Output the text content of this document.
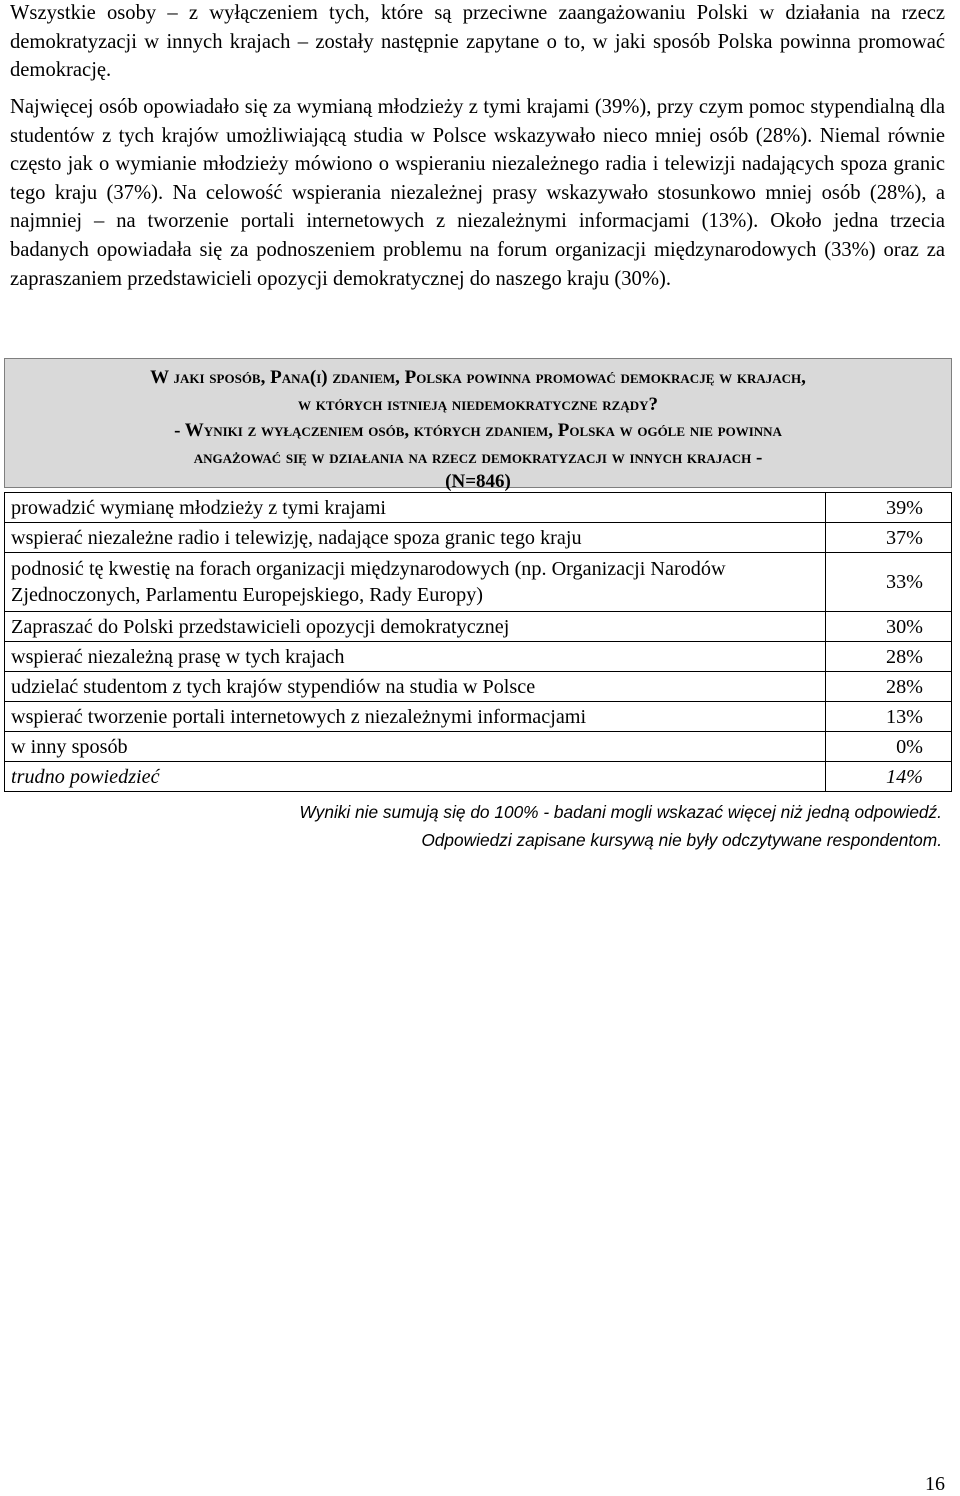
Wszystkie osoby – z wyłączeniem tych, które są przeciwne zaangażowaniu Polski w działania na rzecz demokratyzacji w innych krajach – zostały następnie zapytane o to, w jaki sposób Polska powinna promować demokrację.

Najwięcej osób opowiadało się za wymianą młodzieży z tymi krajami (39%), przy czym pomoc stypendialną dla studentów z tych krajów umożliwiającą studia w Polsce wskazywało nieco mniej osób (28%). Niemal równie często jak o wymianie młodzieży mówiono o wspieraniu niezależnego radia i telewizji nadających spoza granic tego kraju (37%). Na celowość wspierania niezależnej prasy wskazywało stosunkowo mniej osób (28%), a najmniej – na tworzenie portali internetowych z niezależnymi informacjami (13%). Około jedna trzecia badanych opowiadała się za podnoszeniem problemu na forum organizacji międzynarodowych (33%) oraz za zapraszaniem przedstawicieli opozycji demokratycznej do naszego kraju (30%).

W jaki sposób, Pana(i) zdaniem, Polska powinna promować demokrację w krajach,
w których istnieją niedemokratyczne rządy?
- Wyniki z wyłączeniem osób, których zdaniem, Polska w ogóle nie powinna
angażować się w działania na rzecz demokratyzacji w innych krajach -
(N=846)
prowadzić wymianę młodzieży z tymi krajami	39%
wspierać niezależne radio i telewizję, nadające spoza granic tego kraju	37%
podnosić tę kwestię na forach organizacji międzynarodowych (np. Organizacji Narodów Zjednoczonych, Parlamentu Europejskiego, Rady Europy)	33%
Zapraszać do Polski przedstawicieli opozycji demokratycznej	30%
wspierać niezależną prasę w tych krajach	28%
udzielać studentom z tych krajów stypendiów na studia w Polsce	28%
wspierać tworzenie portali internetowych z niezależnymi informacjami	13%
w inny sposób	0%
trudno powiedzieć	14%
Wyniki nie sumują się do 100% - badani mogli wskazać więcej niż jedną odpowiedź.
Odpowiedzi zapisane kursywą nie były odczytywane respondentom.
16
